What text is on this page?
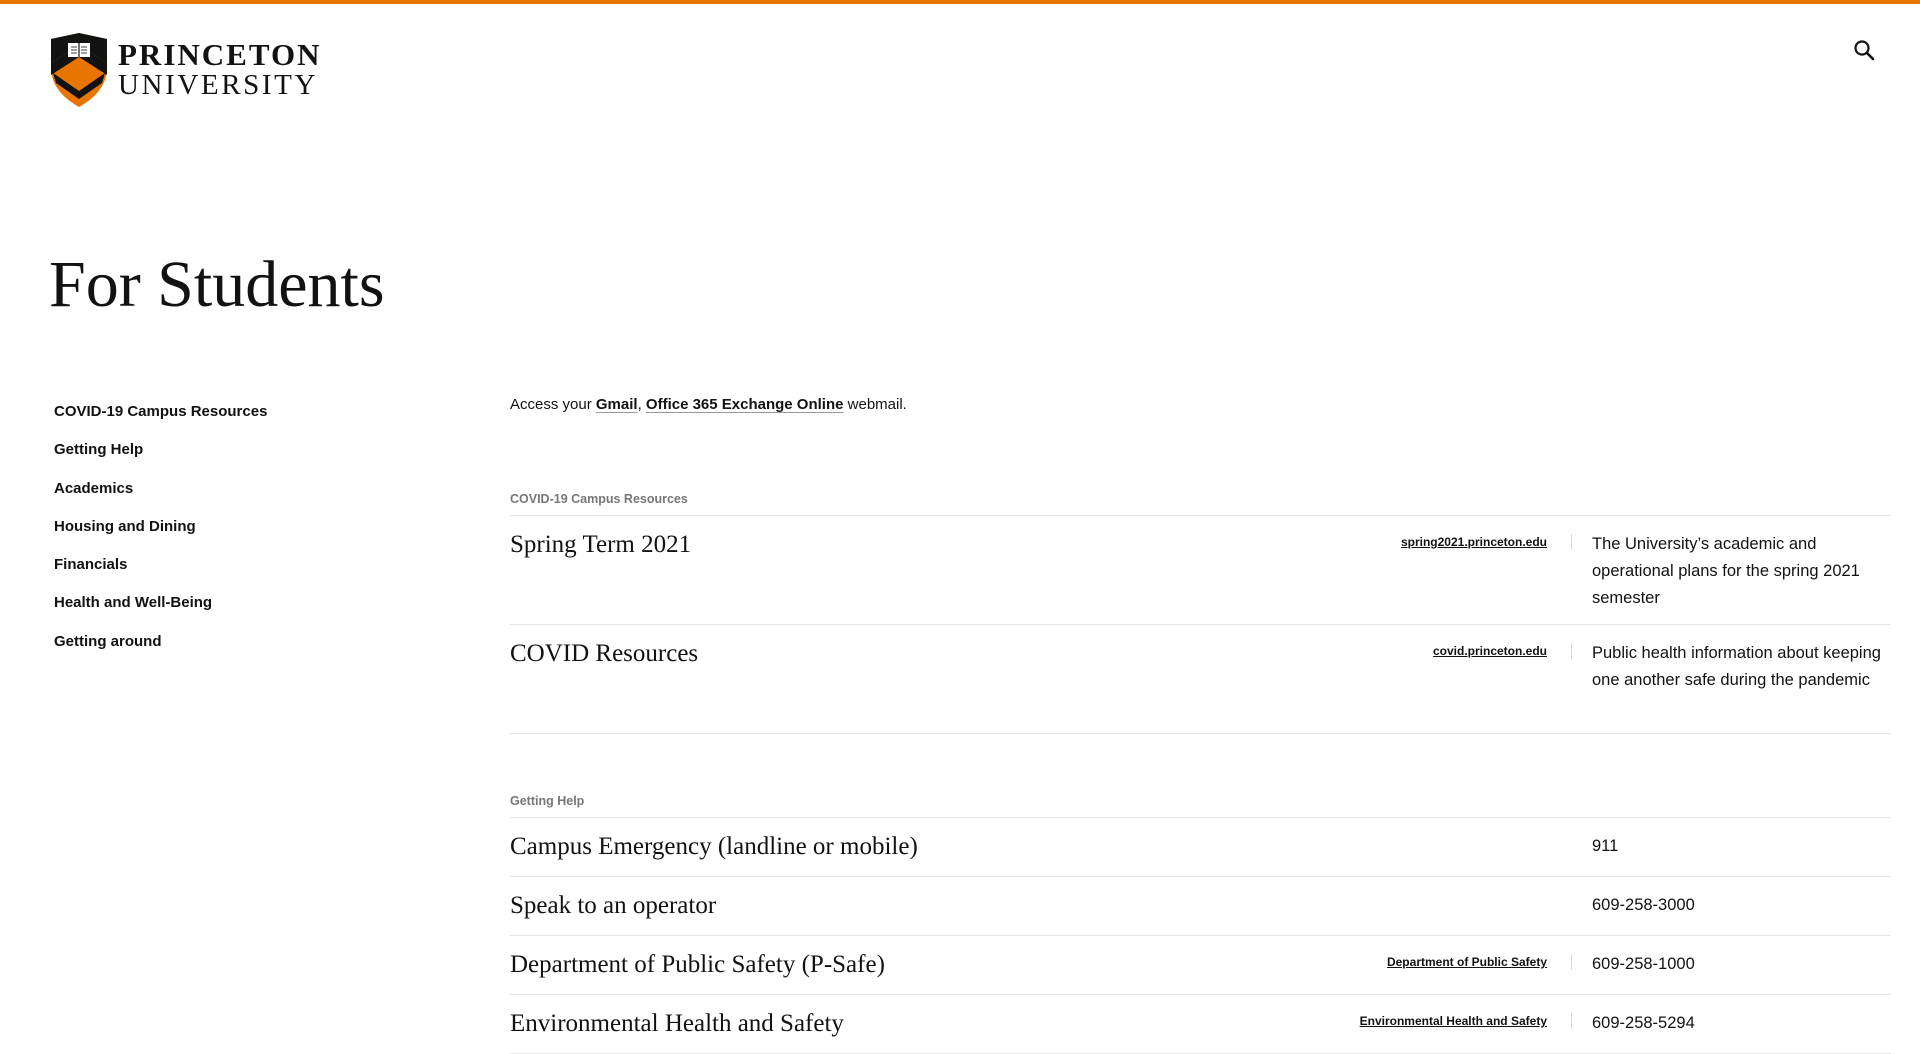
PRINCETON
UNIVERSITY
For Students
COVID-19 Campus Resources
Getting Help
Academics
Housing and Dining
Financials
Health and Well-Being
Getting around
Access your Gmail, Office 365 Exchange Online webmail.
COVID-19 Campus Resources
Spring Term 2021	spring2021.princeton.edu	The University’s academic and operational plans for the spring 2021 semester
COVID Resources	covid.princeton.edu	Public health information about keeping one another safe during the pandemic
Getting Help
Campus Emergency (landline or mobile)	911
Speak to an operator	609-258-3000
Department of Public Safety (P-Safe)	Department of Public Safety	609-258-1000
Environmental Health and Safety	Environmental Health and Safety	609-258-5294
